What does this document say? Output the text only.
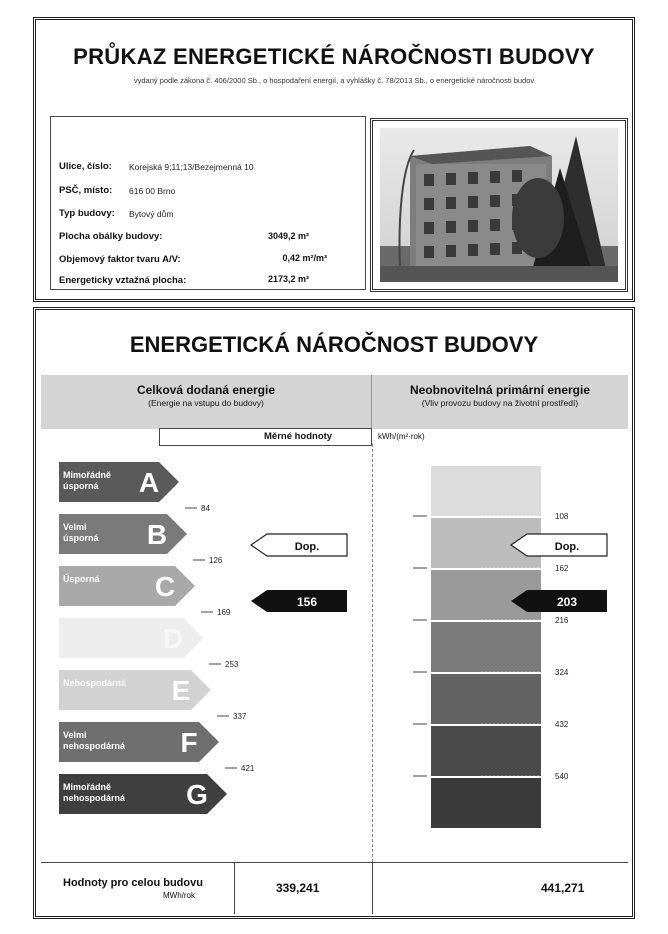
PRŮKAZ ENERGETICKÉ NÁROČNOSTI BUDOVY
vydaný podle zákona č. 406/2000 Sb., o hospodaření energií, a vyhlášky č. 78/2013 Sb., o energetické náročnosti budov
Ulice, číslo: Korejská 9;11;13/Bezejmenná 10
PSČ, místo: 616 00 Brno
Typ budovy: Bytový dům
Plocha obálky budovy:	3049,2 m²
Objemový faktor tvaru A/V:	0,42 m²/m³
Energeticky vztažná plocha:	2173,2 m²
ENERGETICKÁ NÁROČNOST BUDOVY
Celková dodaná energie
(Energie na vstupu do budovy)
Neobnovitelná primární energie
(Vliv provozu budovy na životní prostředí)
Měrné hodnoty	kWh/(m²·rok)
Mimořádně
úsporná A
Velmi
úsporná B
Úsporná C
D
Nehospodárná E
Velmi
nehospodárná F
Mimořádně
nehospodárná G
84
126
169
253
337
421
108
162
216
324
432
540
Dop.	Dop.
156	203
Hodnoty pro celou budovu
MWh/rok
339,241	441,271
